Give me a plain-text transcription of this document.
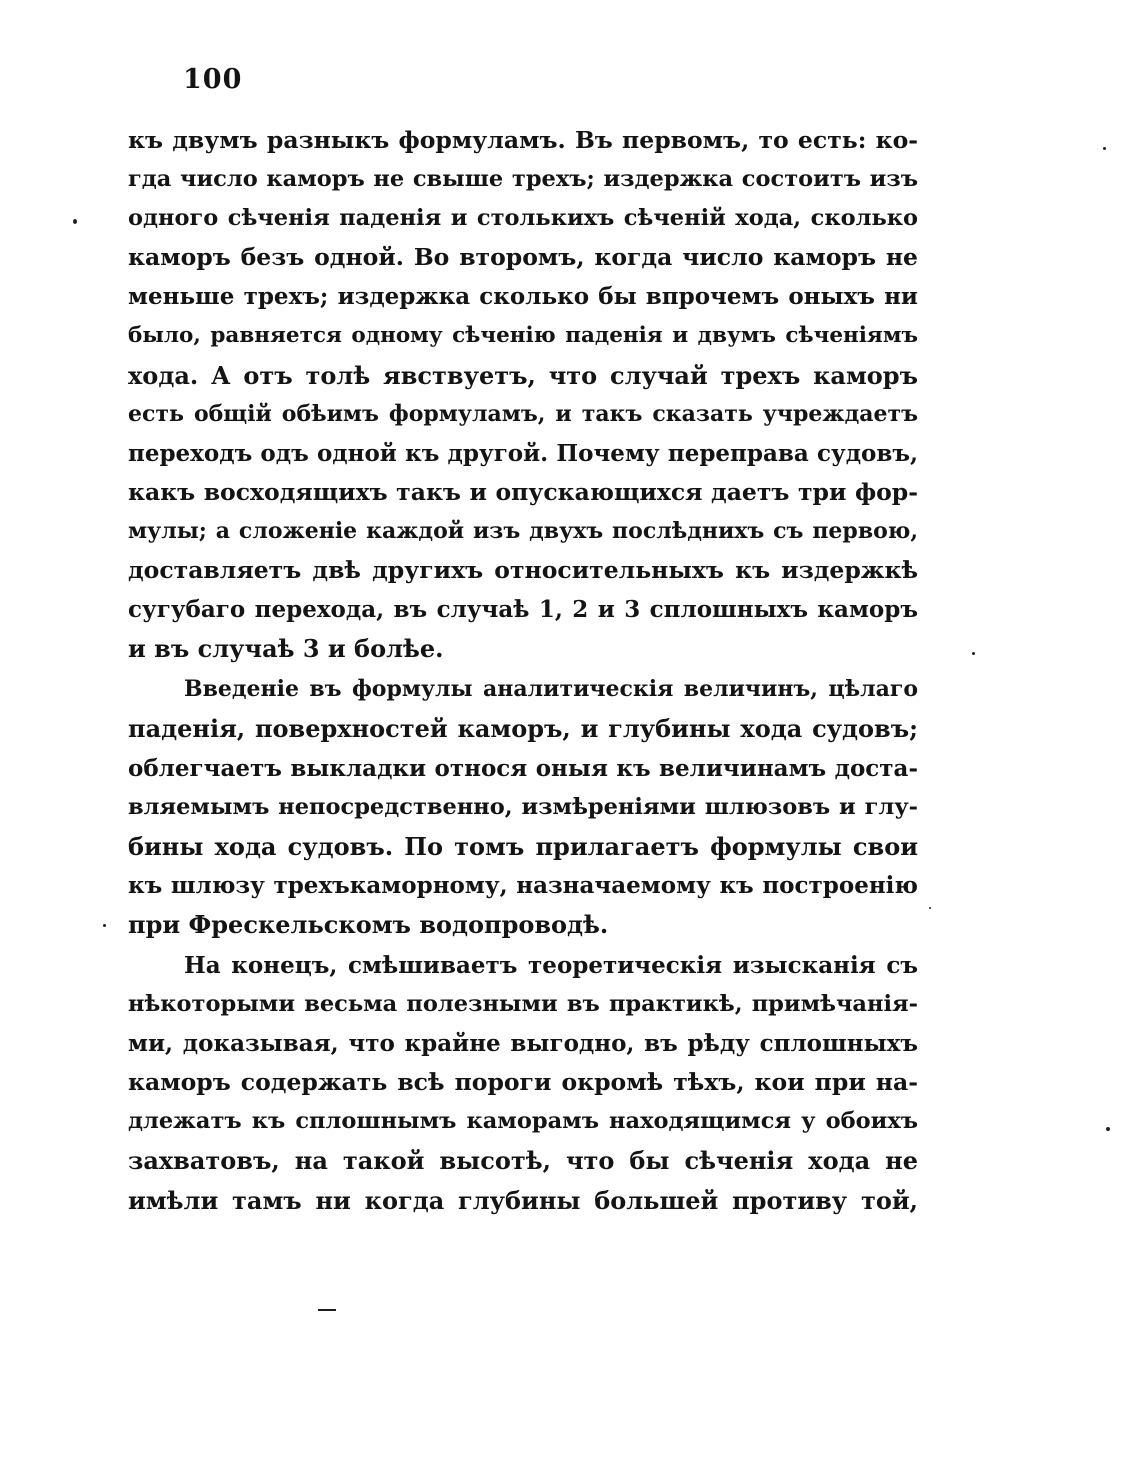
100
къ двумъ разныкъ формуламъ. Въ первомъ, то есть: ко-
гда число каморъ не свыше трехъ; издержка состоитъ изъ
одного сѣченія паденія и столькихъ сѣченій хода, сколько
каморъ безъ одной. Во второмъ, когда число каморъ не
меньше трехъ; издержка сколько бы впрочемъ оныхъ ни
было, равняется одному сѣченію паденія и двумъ сѣченіямъ
хода. А отъ толѣ явствуетъ, что случай трехъ каморъ
есть общій обѣимъ формуламъ, и такъ сказать учреждаетъ
переходъ одъ одной къ другой. Почему переправа судовъ,
какъ восходящихъ такъ и опускающихся даетъ три фор-
мулы; а сложеніе каждой изъ двухъ послѣднихъ съ первою,
доставляетъ двѣ другихъ относительныхъ къ издержкѣ
сугубаго перехода, въ случаѣ 1, 2 и 3 сплошныхъ каморъ
и въ случаѣ 3 и болѣе.
Введеніе въ формулы аналитическія величинъ, цѣлаго
паденія, поверхностей каморъ, и глубины хода судовъ;
облегчаетъ выкладки относя оныя къ величинамъ доста-
вляемымъ непосредственно, измѣреніями шлюзовъ и глу-
бины хода судовъ. По томъ прилагаетъ формулы свои
къ шлюзу трехъкаморному, назначаемому къ построенію
при Фрескельскомъ водопроводѣ.
На конецъ, смѣшиваетъ теоретическія изысканія съ
нѣкоторыми весьма полезными въ практикѣ, примѣчанія-
ми, доказывая, что крайне выгодно, въ рѣду сплошныхъ
каморъ содержать всѣ пороги окромѣ тѣхъ, кои при на-
длежатъ къ сплошнымъ каморамъ находящимся у обоихъ
захватовъ, на такой высотѣ, что бы сѣченія хода не
имѣли тамъ ни когда глубины большей противу той,
